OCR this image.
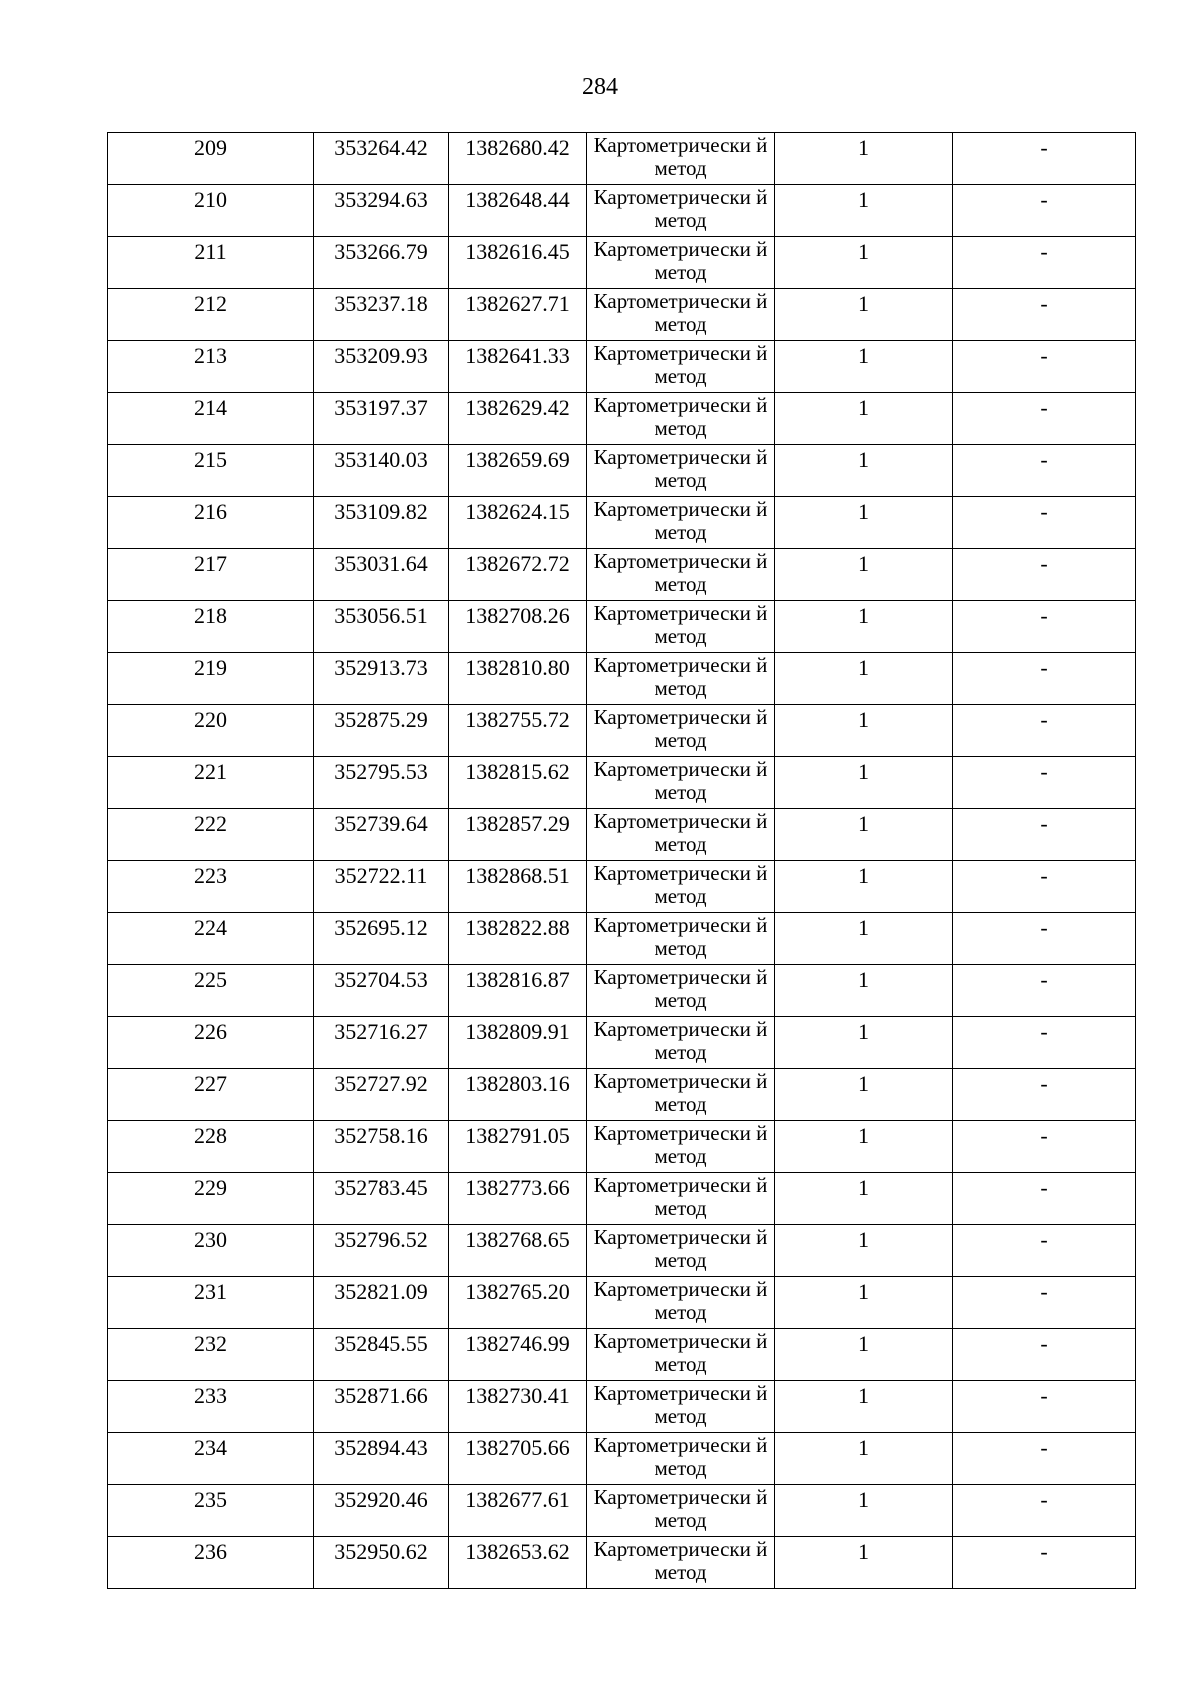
284
209	353264.42	1382680.42	Картометрически й метод	1	-
210	353294.63	1382648.44	Картометрически й метод	1	-
211	353266.79	1382616.45	Картометрически й метод	1	-
212	353237.18	1382627.71	Картометрически й метод	1	-
213	353209.93	1382641.33	Картометрически й метод	1	-
214	353197.37	1382629.42	Картометрически й метод	1	-
215	353140.03	1382659.69	Картометрически й метод	1	-
216	353109.82	1382624.15	Картометрически й метод	1	-
217	353031.64	1382672.72	Картометрически й метод	1	-
218	353056.51	1382708.26	Картометрически й метод	1	-
219	352913.73	1382810.80	Картометрически й метод	1	-
220	352875.29	1382755.72	Картометрически й метод	1	-
221	352795.53	1382815.62	Картометрически й метод	1	-
222	352739.64	1382857.29	Картометрически й метод	1	-
223	352722.11	1382868.51	Картометрически й метод	1	-
224	352695.12	1382822.88	Картометрически й метод	1	-
225	352704.53	1382816.87	Картометрически й метод	1	-
226	352716.27	1382809.91	Картометрически й метод	1	-
227	352727.92	1382803.16	Картометрически й метод	1	-
228	352758.16	1382791.05	Картометрически й метод	1	-
229	352783.45	1382773.66	Картометрически й метод	1	-
230	352796.52	1382768.65	Картометрически й метод	1	-
231	352821.09	1382765.20	Картометрически й метод	1	-
232	352845.55	1382746.99	Картометрически й метод	1	-
233	352871.66	1382730.41	Картометрически й метод	1	-
234	352894.43	1382705.66	Картометрически й метод	1	-
235	352920.46	1382677.61	Картометрически й метод	1	-
236	352950.62	1382653.62	Картометрически й метод	1	-
